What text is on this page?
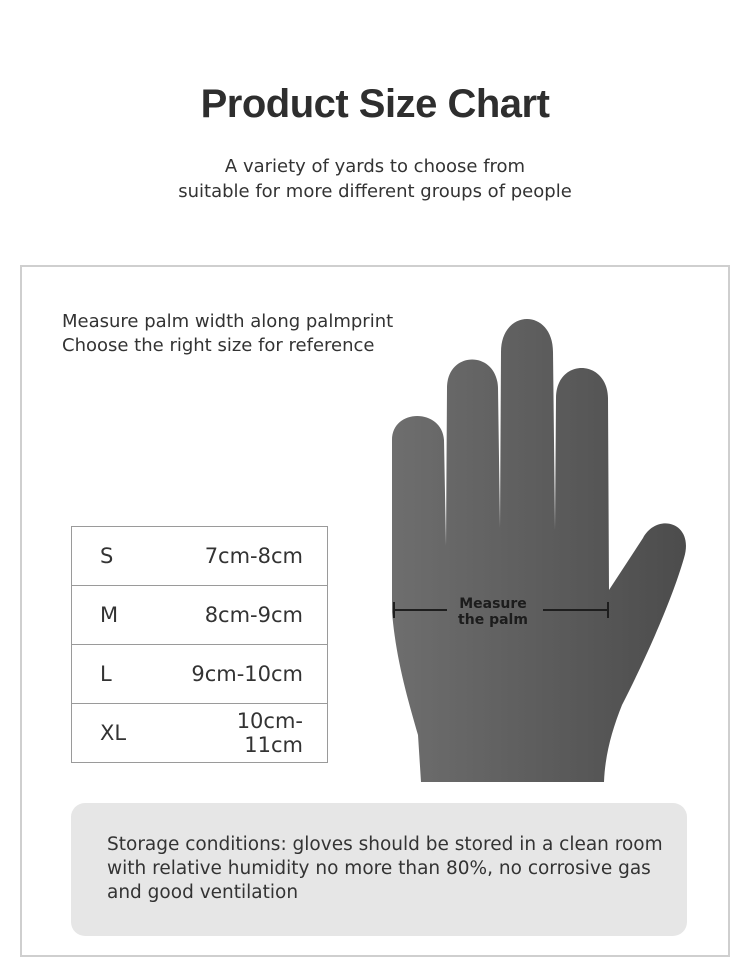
Product Size Chart
A variety of yards to choose from
suitable for more different groups of people
Measure palm width along palmprint
Choose the right size for reference
S	7cm-8cm
M	8cm-9cm
L	9cm-10cm
XL	10cm-11cm
Measure
the palm
Storage conditions: gloves should be stored in a clean room with relative humidity no more than 80%, no corrosive gas and good ventilation
